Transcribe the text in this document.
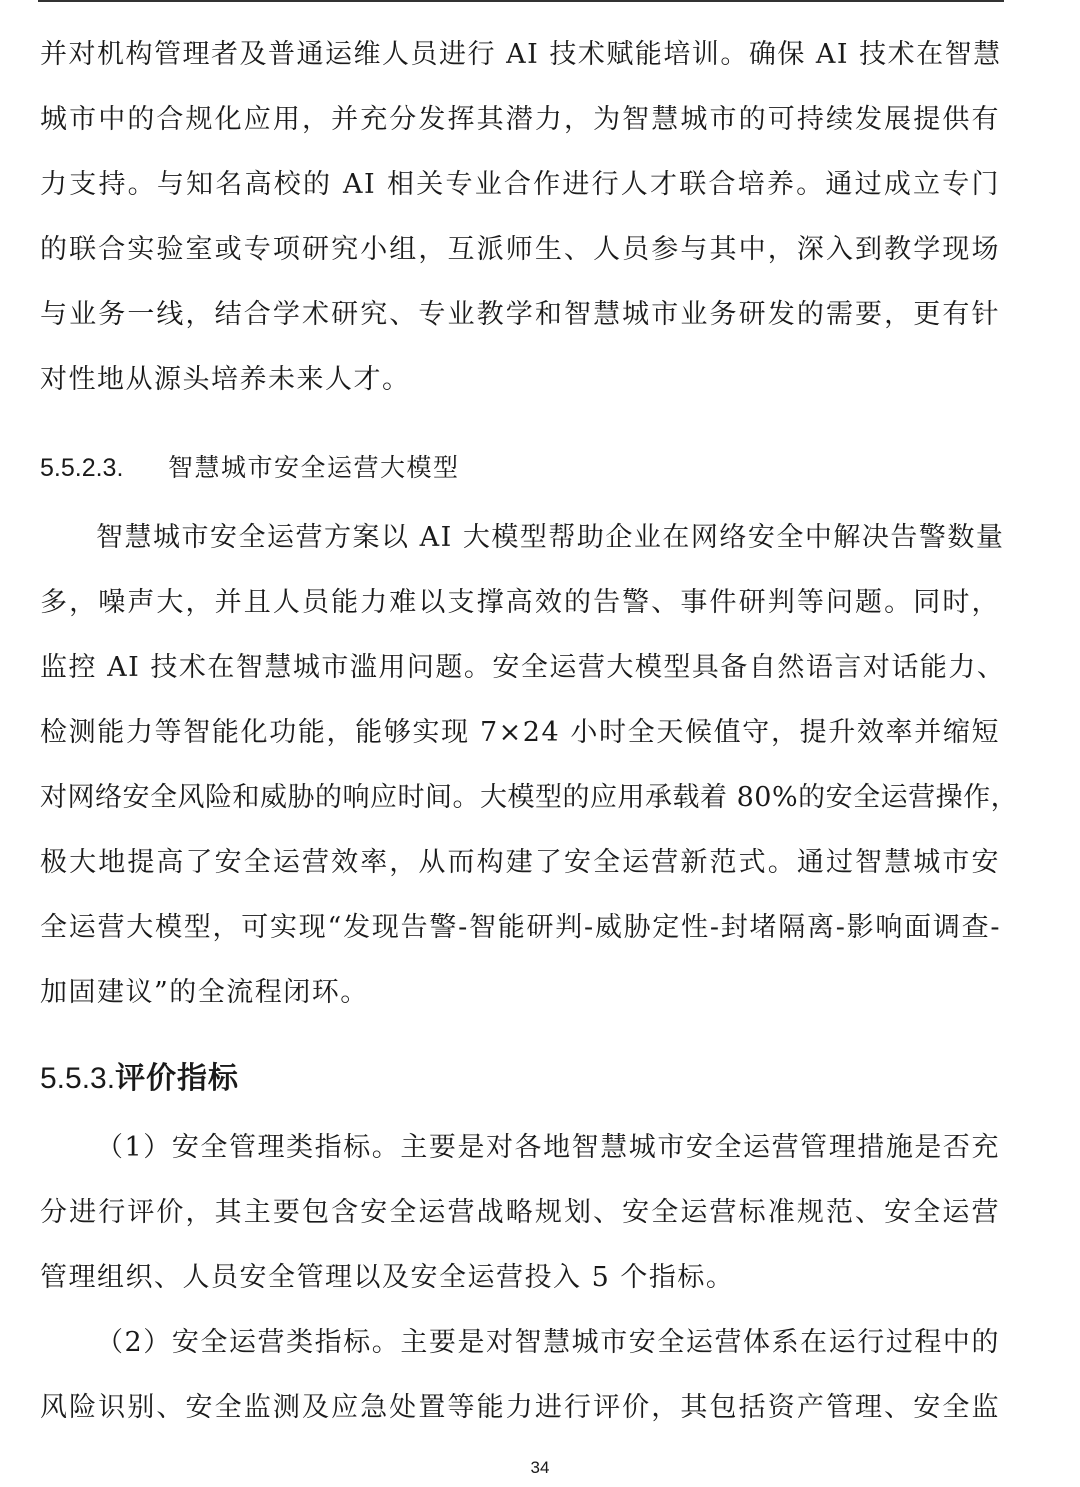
并对机构管理者及普通运维人员进行 AI 技术赋能培训。确保 AI 技术在智慧
城市中的合规化应用，并充分发挥其潜力，为智慧城市的可持续发展提供有
力支持。与知名高校的 AI 相关专业合作进行人才联合培养。通过成立专门
的联合实验室或专项研究小组，互派师生、人员参与其中，深入到教学现场
与业务一线，结合学术研究、专业教学和智慧城市业务研发的需要，更有针
对性地从源头培养未来人才。
5.5.2.3. 智慧城市安全运营大模型
智慧城市安全运营方案以 AI 大模型帮助企业在网络安全中解决告警数量
多，噪声大，并且人员能力难以支撑高效的告警、事件研判等问题。同时，
监控 AI 技术在智慧城市滥用问题。安全运营大模型具备自然语言对话能力、
检测能力等智能化功能，能够实现 7×24 小时全天候值守，提升效率并缩短
对网络安全风险和威胁的响应时间。大模型的应用承载着 80%的安全运营操作，
极大地提高了安全运营效率，从而构建了安全运营新范式。通过智慧城市安
全运营大模型，可实现“发现告警-智能研判-威胁定性-封堵隔离-影响面调查-
加固建议”的全流程闭环。
5.5.3.评价指标
（1）安全管理类指标。主要是对各地智慧城市安全运营管理措施是否充
分进行评价，其主要包含安全运营战略规划、安全运营标准规范、安全运营
管理组织、人员安全管理以及安全运营投入 5 个指标。
（2）安全运营类指标。主要是对智慧城市安全运营体系在运行过程中的
风险识别、安全监测及应急处置等能力进行评价，其包括资产管理、安全监
34
